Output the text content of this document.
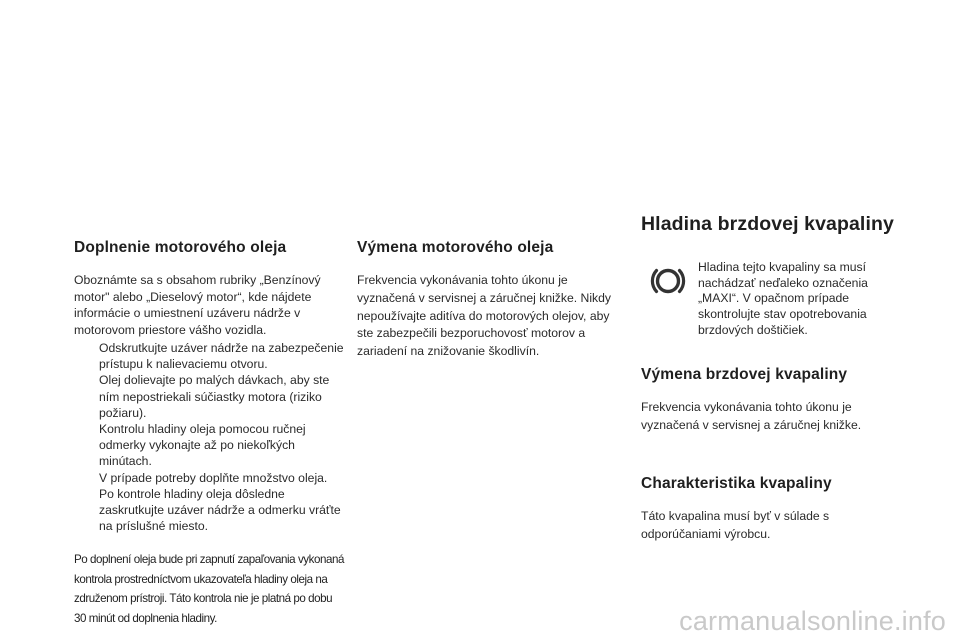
Doplnenie motorového oleja

Oboznámte sa s obsahom rubriky „Benzínový motor" alebo „Dieselový motor“, kde nájdete informácie o umiestnení uzáveru nádrže v motorovom priestore vášho vozidla.

Odskrutkujte uzáver nádrže na zabezpečenie prístupu k nalievaciemu otvoru.
Olej dolievajte po malých dávkach, aby ste ním nepostriekali súčiastky motora (riziko požiaru).
Kontrolu hladiny oleja pomocou ručnej odmerky vykonajte až po niekoľkých minútach.
V prípade potreby doplňte množstvo oleja.
Po kontrole hladiny oleja dôsledne zaskrutkujte uzáver nádrže a odmerku vráťte na príslušné miesto.

Po doplnení oleja bude pri zapnutí zapaľovania vykonaná kontrola prostredníctvom ukazovateľa hladiny oleja na združenom prístroji. Táto kontrola nie je platná po dobu 30 minút od doplnenia hladiny.

Výmena motorového oleja

Frekvencia vykonávania tohto úkonu je vyznačená v servisnej a záručnej knižke. Nikdy nepoužívajte aditíva do motorových olejov, aby ste zabezpečili bezporuchovosť motorov a zariadení na znižovanie škodlivín.

Hladina brzdovej kvapaliny

Hladina tejto kvapaliny sa musí nachádzať neďaleko označenia „MAXI“. V opačnom prípade skontrolujte stav opotrebovania brzdových doštičiek.

Výmena brzdovej kvapaliny

Frekvencia vykonávania tohto úkonu je vyznačená v servisnej a záručnej knižke.

Charakteristika kvapaliny

Táto kvapalina musí byť v súlade s odporúčaniami výrobcu.

carmanualsonline.info
